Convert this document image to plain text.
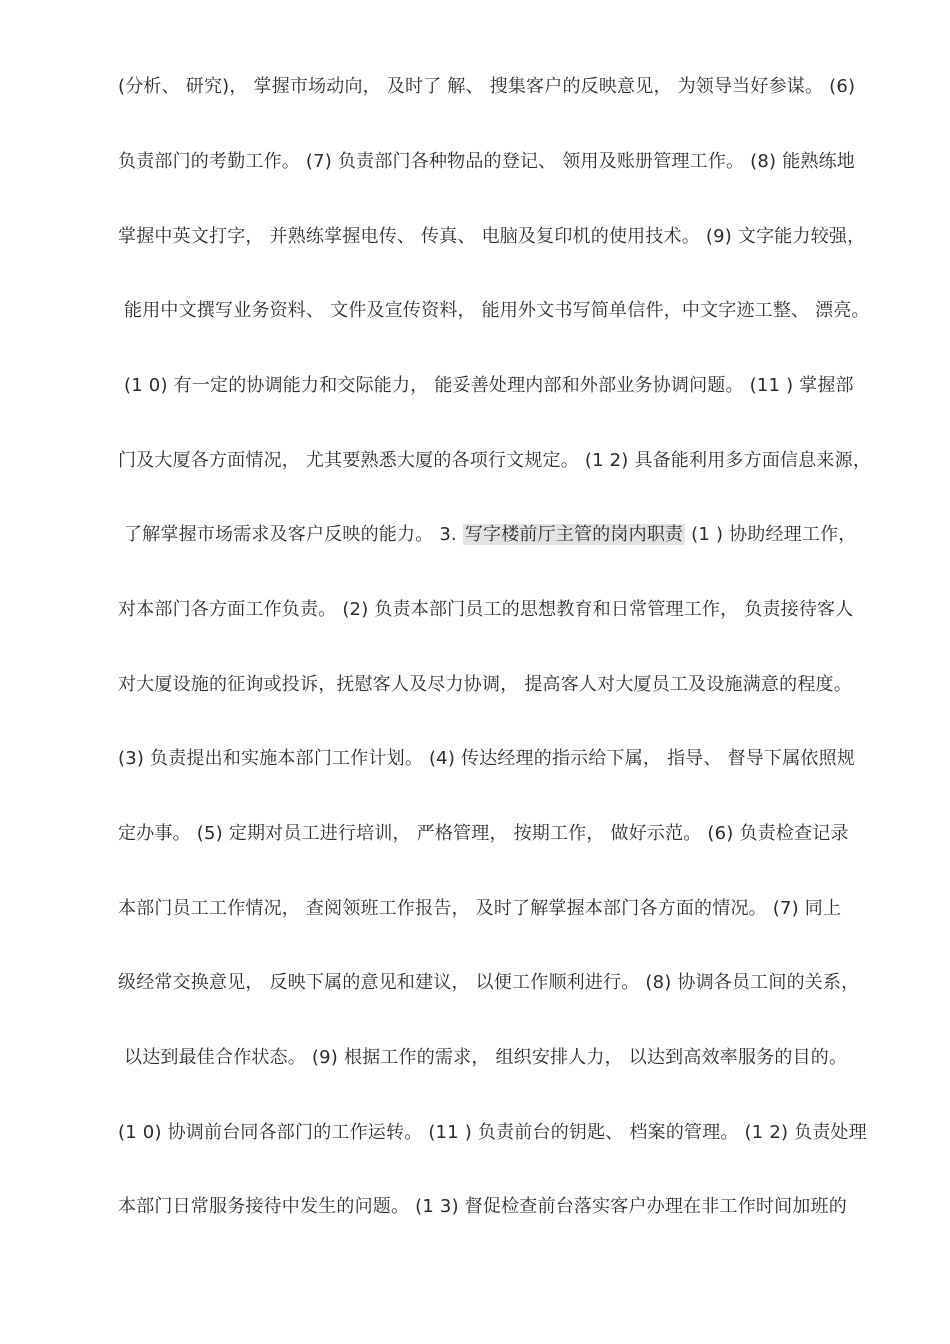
(分析、 研究)， 掌握市场动向， 及时了 解、 搜集客户的反映意见， 为领导当好参谋。 (6)
负责部门的考勤工作。 (7) 负责部门各种物品的登记、 领用及账册管理工作。 (8) 能熟练地
掌握中英文打字， 并熟练掌握电传、 传真、 电脑及复印机的使用技术。 (9) 文字能力较强，
能用中文撰写业务资料、 文件及宣传资料， 能用外文书写简单信件，中文字迹工整、 漂亮。
(1 0) 有一定的协调能力和交际能力， 能妥善处理内部和外部业务协调问题。 (11 ) 掌握部
门及大厦各方面情况， 尤其要熟悉大厦的各项行文规定。 (1 2) 具备能利用多方面信息来源，
了解掌握市场需求及客户反映的能力。 3. 写字楼前厅主管的岗内职责 (1 ) 协助经理工作，
对本部门各方面工作负责。 (2) 负责本部门员工的思想教育和日常管理工作， 负责接待客人
对大厦设施的征询或投诉，抚慰客人及尽力协调， 提高客人对大厦员工及设施满意的程度。
(3) 负责提出和实施本部门工作计划。 (4) 传达经理的指示给下属， 指导、 督导下属依照规
定办事。 (5) 定期对员工进行培训， 严格管理， 按期工作， 做好示范。 (6) 负责检查记录
本部门员工工作情况， 查阅领班工作报告， 及时了解掌握本部门各方面的情况。 (7) 同上
级经常交换意见， 反映下属的意见和建议， 以便工作顺利进行。 (8) 协调各员工间的关系，
以达到最佳合作状态。 (9) 根据工作的需求， 组织安排人力， 以达到高效率服务的目的。
(1 0) 协调前台同各部门的工作运转。 (11 ) 负责前台的钥匙、 档案的管理。 (1 2) 负责处理
本部门日常服务接待中发生的问题。 (1 3) 督促检查前台落实客户办理在非工作时间加班的
